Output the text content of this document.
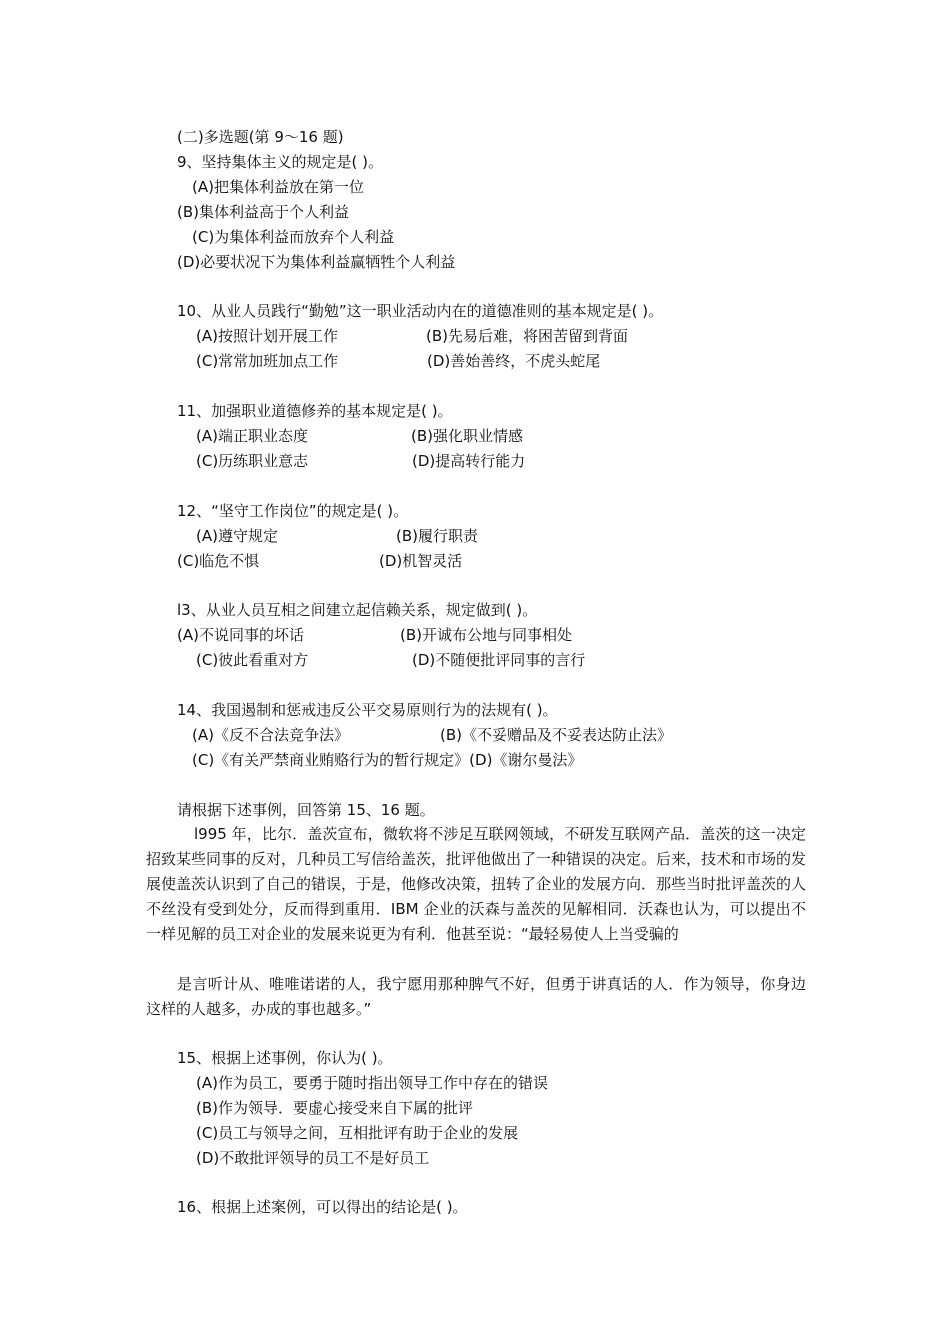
(二)多选题(第 9～16 题)
9、坚持集体主义的规定是( )。
(A)把集体利益放在第一位
(B)集体利益高于个人利益
(C)为集体利益而放弃个人利益
(D)必要状况下为集体利益赢牺牲个人利益
10、从业人员践行“勤勉”这一职业活动内在的道德准则的基本规定是( )。
(A)按照计划开展工作	(B)先易后难，将困苦留到背面
(C)常常加班加点工作	(D)善始善终，不虎头蛇尾
11、加强职业道德修养的基本规定是( )。
(A)端正职业态度	(B)强化职业情感
(C)历练职业意志	(D)提高转行能力
12、“坚守工作岗位”的规定是( )。
(A)遵守规定	(B)履行职责
(C)临危不惧	(D)机智灵活
l3、从业人员互相之间建立起信赖关系，规定做到( )。
(A)不说同事的坏话	(B)开诚布公地与同事相处
(C)彼此看重对方	(D)不随便批评同事的言行
14、我国遏制和惩戒违反公平交易原则行为的法规有( )。
(A)《反不合法竞争法》	(B)《不妥赠品及不妥表达防止法》
(C)《有关严禁商业贿赂行为的暂行规定》(D)《谢尔曼法》
请根据下述事例，回答第 15、16 题。

l995 年，比尔．盖茨宣布，微软将不涉足互联网领域，不研发互联网产品．盖茨的这一决定招致某些同事的反对，几种员工写信给盖茨，批评他做出了一种错误的决定。后来，技术和市场的发展使盖茨认识到了自己的错误，于是，他修改决策，扭转了企业的发展方向．那些当时批评盖茨的人不丝没有受到处分，反而得到重用．IBM 企业的沃森与盖茨的见解相同．沃森也认为，可以提出不一样见解的员工对企业的发展来说更为有利．他甚至说：“最轻易使人上当受骗的

是言听计从、唯唯诺诺的人，我宁愿用那种脾气不好，但勇于讲真话的人．作为领导，你身边这样的人越多，办成的事也越多。”

15、根据上述事例，你认为( )。
(A)作为员工，要勇于随时指出领导工作中存在的错误
(B)作为领导．要虚心接受来自下属的批评
(C)员工与领导之间，互相批评有助于企业的发展
(D)不敢批评领导的员工不是好员工
16、根据上述案例，可以得出的结论是( )。
